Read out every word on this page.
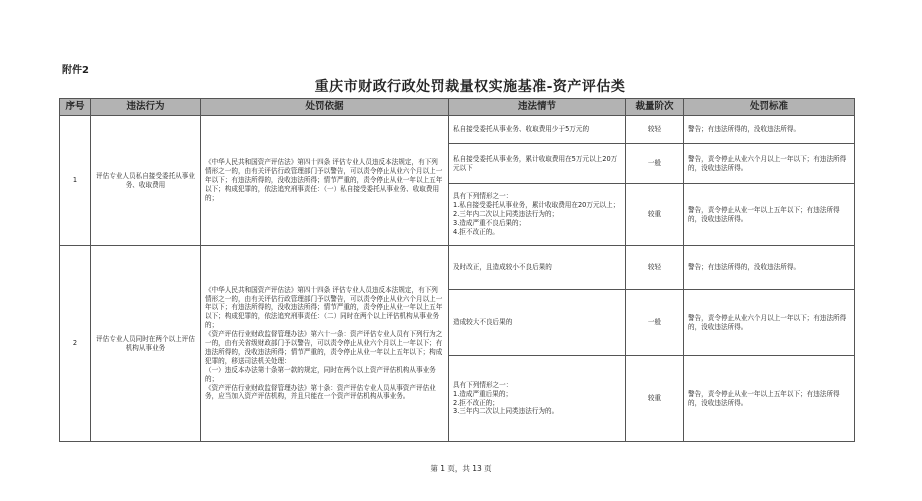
附件2
重庆市财政行政处罚裁量权实施基准-资产评估类
序号	违法行为	处罚依据	违法情节	裁量阶次	处罚标准
1	评估专业人员私自接受委托从事业务、收取费用	《中华人民共和国资产评估法》第四十四条 评估专业人员违反本法规定，有下列情形之一的，由有关评估行政管理部门予以警告，可以责令停止从业六个月以上一年以下；有违法所得的，没收违法所得；情节严重的，责令停止从业一年以上五年以下；构成犯罪的，依法追究刑事责任：（一）私自接受委托从事业务、收取费用的；	私自接受委托从事业务、收取费用少于5万元的	较轻	警告；有违法所得的，没收违法所得。
			私自接受委托从事业务，累计收取费用在5万元以上20万元以下	一般	警告，责令停止从业六个月以上一年以下；有违法所得的，没收违法所得。
			具有下列情形之一：
1.私自接受委托从事业务，累计收取费用在20万元以上；
2.三年内二次以上同类违法行为的；
3.造成严重不良后果的；
4.拒不改正的。	较重	警告，责令停止从业一年以上五年以下；有违法所得的，没收违法所得。
2	评估专业人员同时在两个以上评估机构从事业务	《中华人民共和国资产评估法》第四十四条 评估专业人员违反本法规定，有下列情形之一的，由有关评估行政管理部门予以警告，可以责令停止从业六个月以上一年以下；有违法所得的，没收违法所得；情节严重的，责令停止从业一年以上五年以下；构成犯罪的，依法追究刑事责任：（二）同时在两个以上评估机构从事业务的；
《资产评估行业财政监督管理办法》第六十一条：资产评估专业人员有下列行为之一的，由有关省级财政部门予以警告，可以责令停止从业六个月以上一年以下；有违法所得的，没收违法所得；情节严重的，责令停止从业一年以上五年以下；构成犯罪的，移送司法机关处理：
（一）违反本办法第十条第一款的规定，同时在两个以上资产评估机构从事业务的；
《资产评估行业财政监督管理办法》第十条：资产评估专业人员从事资产评估业务，应当加入资产评估机构，并且只能在一个资产评估机构从事业务。	及时改正，且造成较小不良后果的	较轻	警告；有违法所得的，没收违法所得。
			造成较大不良后果的	一般	警告，责令停止从业六个月以上一年以下；有违法所得的，没收违法所得。
			具有下列情形之一：
1.造成严重后果的；
2.拒不改正的；
3.三年内二次以上同类违法行为的。	较重	警告，责令停止从业一年以上五年以下；有违法所得的，没收违法所得。
第 1 页，共 13 页
